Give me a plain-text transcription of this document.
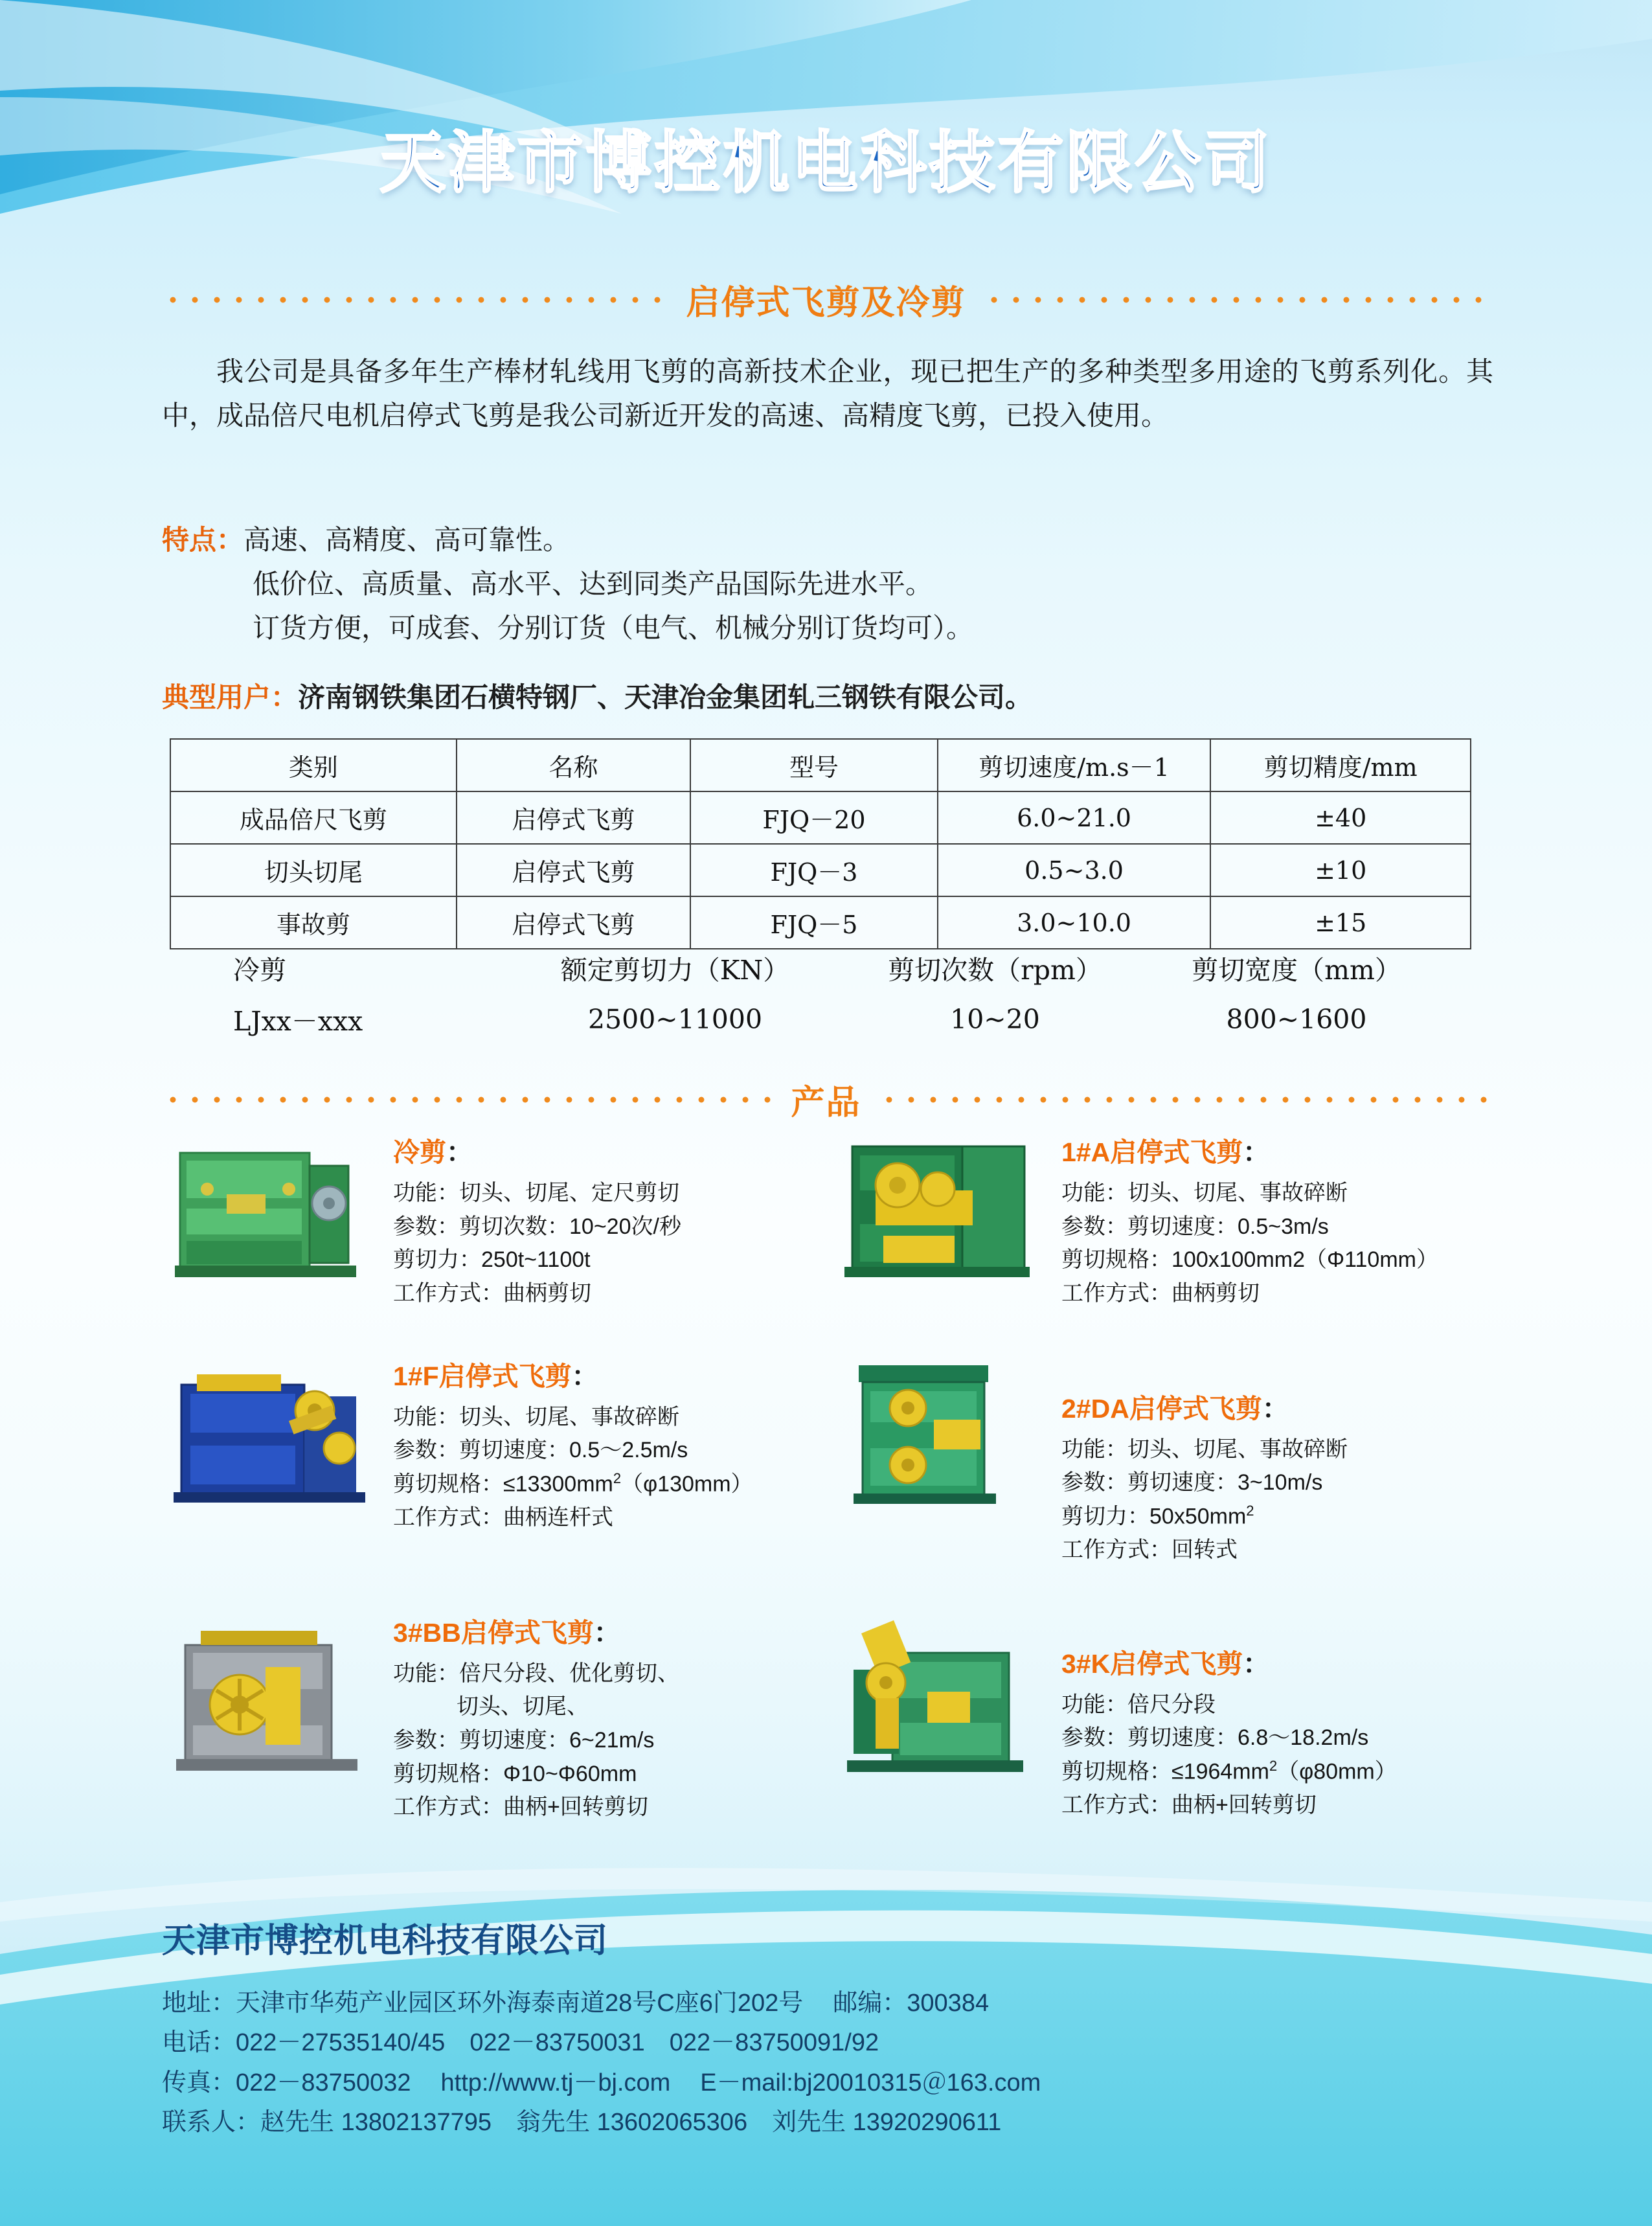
天津市博控机电科技有限公司
启停式飞剪及冷剪

我公司是具备多年生产棒材轧线用飞剪的高新技术企业，现已把生产的多种类型多用途的飞剪系列化。其中，成品倍尺电机启停式飞剪是我公司新近开发的高速、高精度飞剪，已投入使用。

特点： 高速、高精度、高可靠性。
低价位、高质量、高水平、达到同类产品国际先进水平。
订货方便，可成套、分别订货（电气、机械分别订货均可）。
典型用户：济南钢铁集团石横特钢厂、天津冶金集团轧三钢铁有限公司。
类别	名称	型号	剪切速度/m.s－1	剪切精度/mm
成品倍尺飞剪	启停式飞剪	FJQ－20	6.0~21.0	±40
切头切尾	启停式飞剪	FJQ－3	0.5~3.0	±10
事故剪	启停式飞剪	FJQ－5	3.0~10.0	±15
冷剪	额定剪切力（KN）	剪切次数（rpm）	剪切宽度（mm）
LJxx－xxx	2500~11000	10~20	800~1600
产品
冷剪：
功能：切头、切尾、定尺剪切
参数：剪切次数：10~20次/秒
剪切力：250t~1100t
工作方式：曲柄剪切
1#A启停式飞剪：
功能：切头、切尾、事故碎断
参数：剪切速度：0.5~3m/s
剪切规格：100x100mm2（Φ110mm）
工作方式：曲柄剪切
1#F启停式飞剪：
功能：切头、切尾、事故碎断
参数：剪切速度：0.5～2.5m/s
剪切规格：$\le 13300mm^2(\varphi 130mm)$
工作方式：曲柄连杆式
2#DA启停式飞剪：
功能：切头、切尾、事故碎断
参数：剪切速度：3~10m/s
剪切力：$50x50mm^2$
工作方式：回转式
3#BB启停式飞剪：
功能：倍尺分段、优化剪切、
切头、切尾、
参数：剪切速度：6~21m/s
剪切规格：Φ10~Φ60mm
工作方式：曲柄+回转剪切
3#K启停式飞剪：
功能：倍尺分段
参数：剪切速度：6.8～18.2m/s
剪切规格：$\le 1964mm^2(\varphi 80mm)$
工作方式：曲柄+回转剪切
天津市博控机电科技有限公司
地址：天津市华苑产业园区环外海泰南道28号C座6门202号 邮编：300384
电话：022－27535140/45　022－83750031　022－83750091/92
传真：022－83750032 http://www.tj－bj.com E－mail:bj20010315＠163.com
联系人：赵先生 13802137795　翁先生 13602065306　刘先生 13920290611
